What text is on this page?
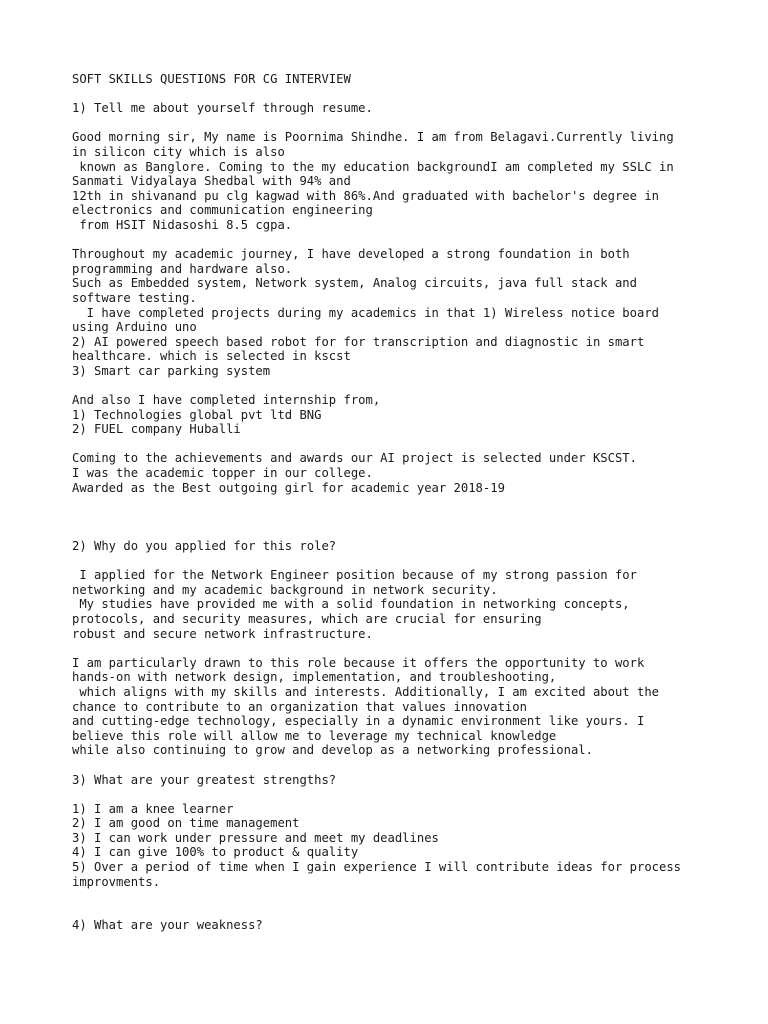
SOFT SKILLS QUESTIONS FOR CG INTERVIEW
1) Tell me about yourself through resume.
Good morning sir, My name is Poornima Shindhe. I am from Belagavi.Currently living
in silicon city which is also
known as Banglore. Coming to the my education backgroundI am completed my SSLC in
Sanmati Vidyalaya Shedbal with 94% and
12th in shivanand pu clg kagwad with 86%.And graduated with bachelor's degree in
electronics and communication engineering
from HSIT Nidasoshi 8.5 cgpa.
Throughout my academic journey, I have developed a strong foundation in both
programming and hardware also.
Such as Embedded system, Network system, Analog circuits, java full stack and
software testing.
I have completed projects during my academics in that 1) Wireless notice board
using Arduino uno
2) AI powered speech based robot for for transcription and diagnostic in smart
healthcare. which is selected in kscst
3) Smart car parking system
And also I have completed internship from,
1) Technologies global pvt ltd BNG
2) FUEL company Huballi
Coming to the achievements and awards our AI project is selected under KSCST.
I was the academic topper in our college.
Awarded as the Best outgoing girl for academic year 2018-19
2) Why do you applied for this role?
I applied for the Network Engineer position because of my strong passion for
networking and my academic background in network security.
My studies have provided me with a solid foundation in networking concepts,
protocols, and security measures, which are crucial for ensuring
robust and secure network infrastructure.
I am particularly drawn to this role because it offers the opportunity to work
hands-on with network design, implementation, and troubleshooting,
which aligns with my skills and interests. Additionally, I am excited about the
chance to contribute to an organization that values innovation
and cutting-edge technology, especially in a dynamic environment like yours. I
believe this role will allow me to leverage my technical knowledge
while also continuing to grow and develop as a networking professional.
3) What are your greatest strengths?
1) I am a knee learner
2) I am good on time management
3) I can work under pressure and meet my deadlines
4) I can give 100% to product & quality
5) Over a period of time when I gain experience I will contribute ideas for process
improvments.
4) What are your weakness?
